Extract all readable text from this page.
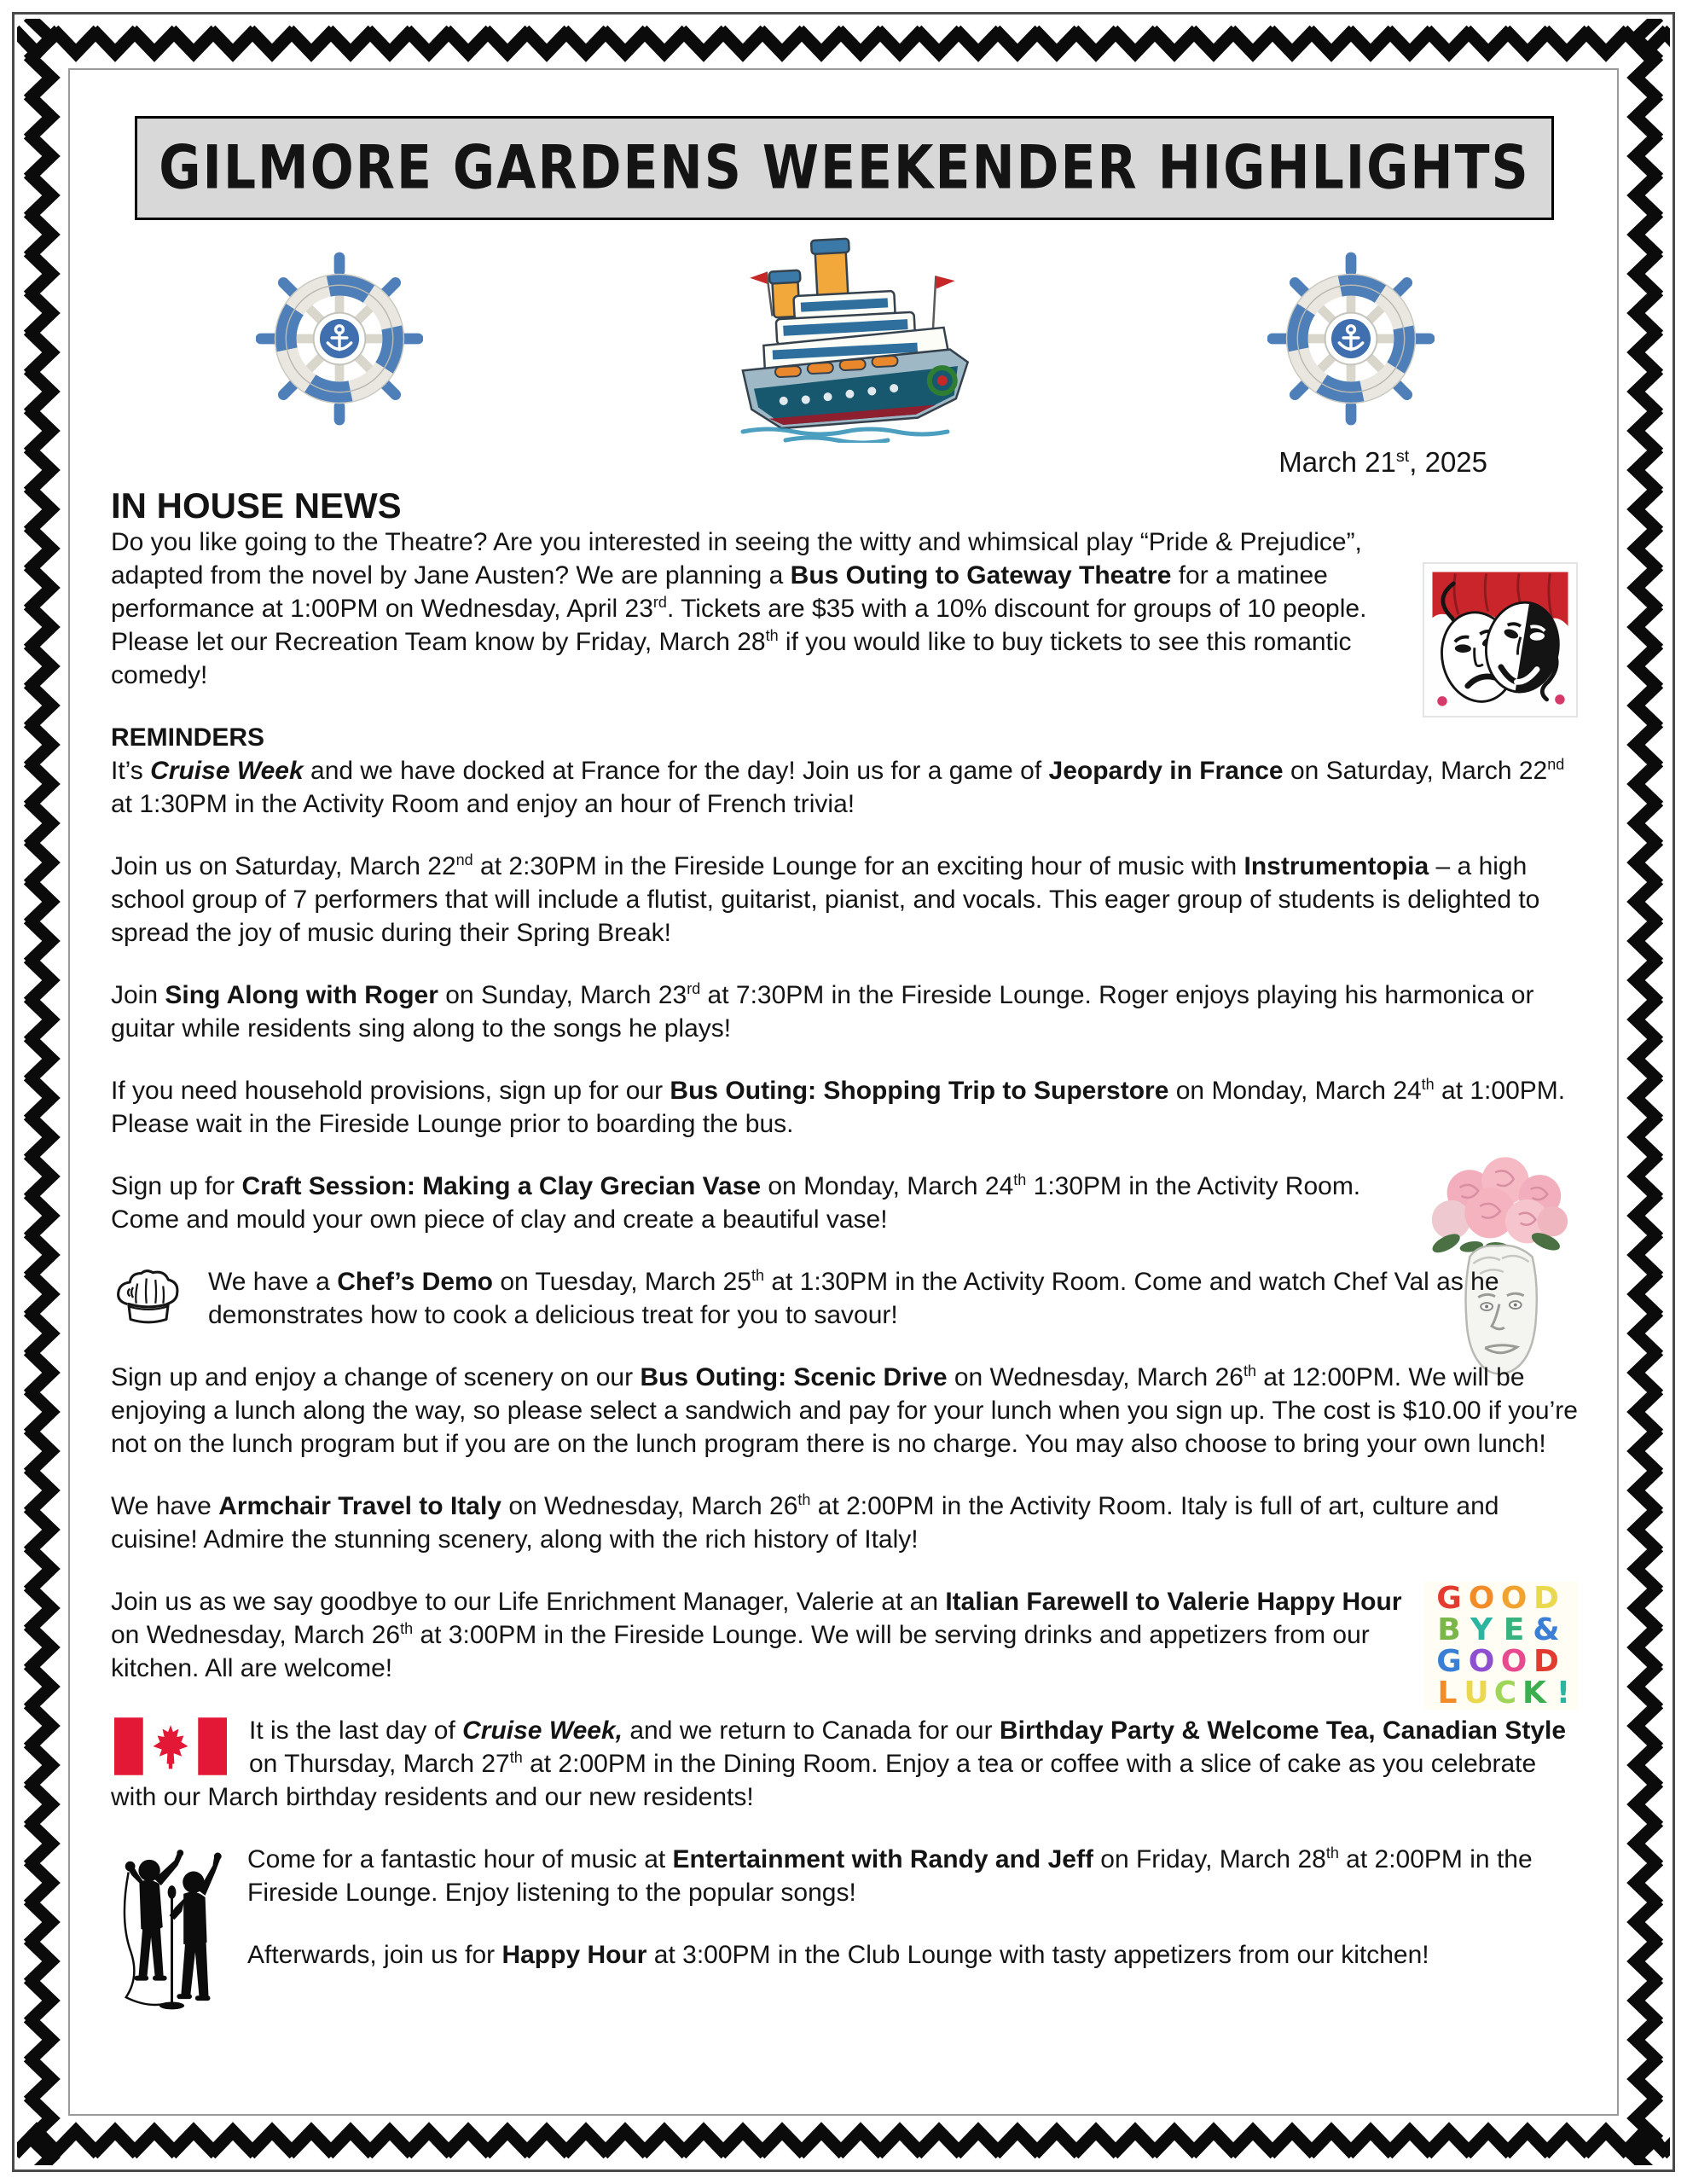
GILMORE GARDENS WEEKENDER HIGHLIGHTS
March 21st, 2025
IN HOUSE NEWS

Do you like going to the Theatre? Are you interested in seeing the witty and whimsical play “Pride & Prejudice”, adapted from the novel by Jane Austen? We are planning a Bus Outing to Gateway Theatre for a matinee performance at 1:00PM on Wednesday, April 23rd. Tickets are $35 with a 10% discount for groups of 10 people. Please let our Recreation Team know by Friday, March 28th if you would like to buy tickets to see this romantic comedy!

REMINDERS

It’s Cruise Week and we have docked at France for the day! Join us for a game of Jeopardy in France on Saturday, March 22nd at 1:30PM in the Activity Room and enjoy an hour of French trivia!

Join us on Saturday, March 22nd at 2:30PM in the Fireside Lounge for an exciting hour of music with Instrumentopia – a high school group of 7 performers that will include a flutist, guitarist, pianist, and vocals. This eager group of students is delighted to spread the joy of music during their Spring Break!

Join Sing Along with Roger on Sunday, March 23rd at 7:30PM in the Fireside Lounge. Roger enjoys playing his harmonica or guitar while residents sing along to the songs he plays!

If you need household provisions, sign up for our Bus Outing: Shopping Trip to Superstore on Monday, March 24th at 1:00PM. Please wait in the Fireside Lounge prior to boarding the bus.

Sign up for Craft Session: Making a Clay Grecian Vase on Monday, March 24th 1:30PM in the Activity Room. Come and mould your own piece of clay and create a beautiful vase!

We have a Chef’s Demo on Tuesday, March 25th at 1:30PM in the Activity Room. Come and watch Chef Val as he demonstrates how to cook a delicious treat for you to savour!

Sign up and enjoy a change of scenery on our Bus Outing: Scenic Drive on Wednesday, March 26th at 12:00PM. We will be enjoying a lunch along the way, so please select a sandwich and pay for your lunch when you sign up. The cost is $10.00 if you’re not on the lunch program but if you are on the lunch program there is no charge. You may also choose to bring your own lunch!

We have Armchair Travel to Italy on Wednesday, March 26th at 2:00PM in the Activity Room. Italy is full of art, culture and cuisine! Admire the stunning scenery, along with the rich history of Italy!

G O O D
B Y E &
G O O D
L U C K !
Join us as we say goodbye to our Life Enrichment Manager, Valerie at an Italian Farewell to Valerie Happy Hour on Wednesday, March 26th at 3:00PM in the Fireside Lounge. We will be serving drinks and appetizers from our kitchen. All are welcome!

It is the last day of Cruise Week, and we return to Canada for our Birthday Party & Welcome Tea, Canadian Style on Thursday, March 27th at 2:00PM in the Dining Room. Enjoy a tea or coffee with a slice of cake as you celebrate with our March birthday residents and our new residents!

Come for a fantastic hour of music at Entertainment with Randy and Jeff on Friday, March 28th at 2:00PM in the Fireside Lounge. Enjoy listening to the popular songs!

Afterwards, join us for Happy Hour at 3:00PM in the Club Lounge with tasty appetizers from our kitchen!
